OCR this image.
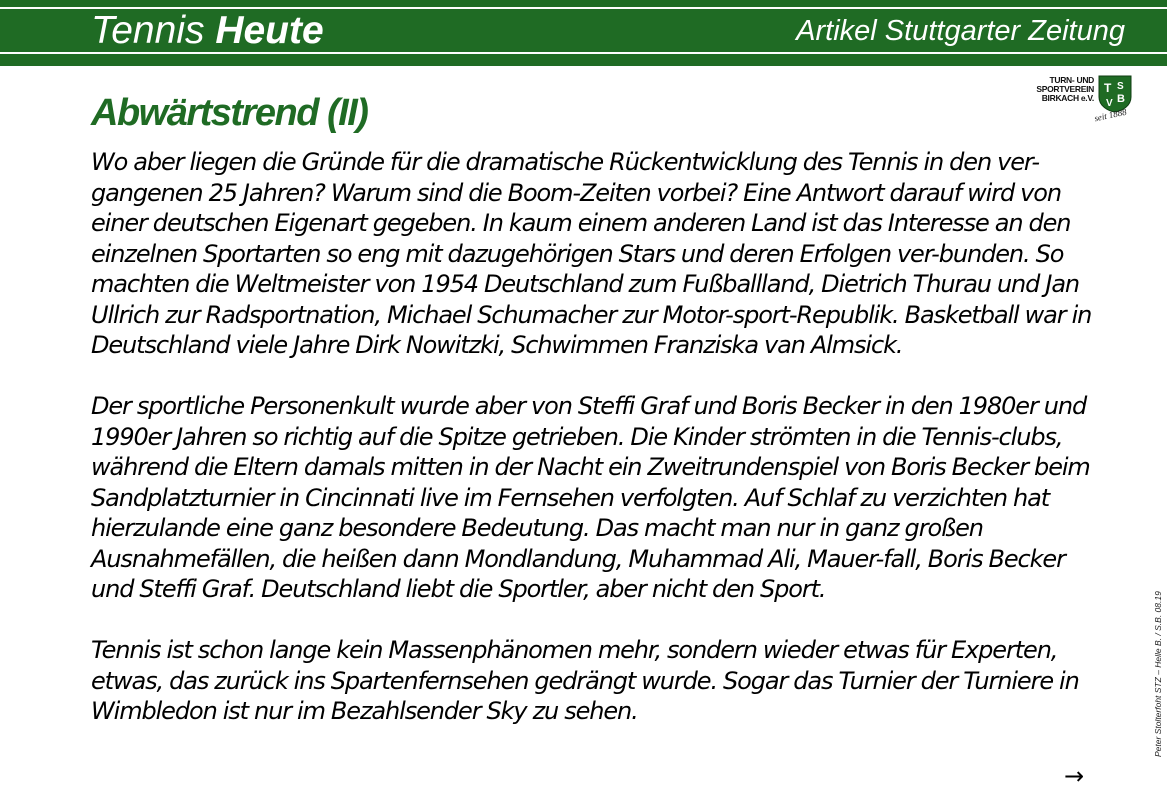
Tennis Heute	Artikel Stuttgarter Zeitung
Abwärtstrend (II)
TURN- UND
SPORTVEREIN
BIRKACH e.V.
T S
B
V
seit 1888

Wo aber liegen die Gründe für die dramatische Rückentwicklung des Tennis in den ver-gangenen 25 Jahren? Warum sind die Boom-Zeiten vorbei? Eine Antwort darauf wird von einer deutschen Eigenart gegeben. In kaum einem anderen Land ist das Interesse an den einzelnen Sportarten so eng mit dazugehörigen Stars und deren Erfolgen ver-bunden. So machten die Weltmeister von 1954 Deutschland zum Fußballland, Dietrich Thurau und Jan Ullrich zur Radsportnation, Michael Schumacher zur Motor-sport-Republik. Basketball war in Deutschland viele Jahre Dirk Nowitzki, Schwimmen Franziska van Almsick.

Der sportliche Personenkult wurde aber von Steffi Graf und Boris Becker in den 1980er und 1990er Jahren so richtig auf die Spitze getrieben. Die Kinder strömten in die Tennis-clubs, während die Eltern damals mitten in der Nacht ein Zweitrundenspiel von Boris Becker beim Sandplatzturnier in Cincinnati live im Fernsehen verfolgten. Auf Schlaf zu verzichten hat hierzulande eine ganz besondere Bedeutung. Das macht man nur in ganz großen Ausnahmefällen, die heißen dann Mondlandung, Muhammad Ali, Mauer-fall, Boris Becker und Steffi Graf. Deutschland liebt die Sportler, aber nicht den Sport.

Tennis ist schon lange kein Massenphänomen mehr, sondern wieder etwas für Experten, etwas, das zurück ins Spartenfernsehen gedrängt wurde. Sogar das Turnier der Turniere in Wimbledon ist nur im Bezahlsender Sky zu sehen.	Peter Stolterfoht STZ – Helle B. / S.B. 08.19
→
